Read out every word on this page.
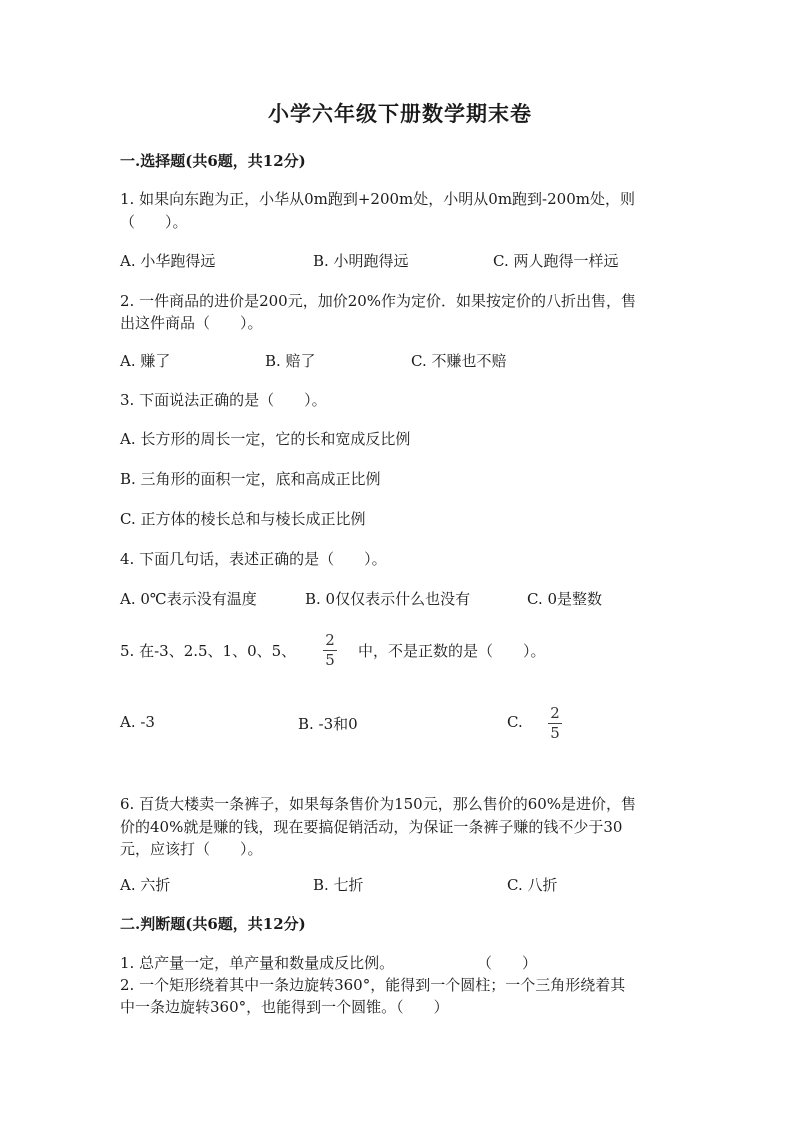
小学六年级下册数学期末卷
一.选择题(共6题，共12分)
1. 如果向东跑为正，小华从0m跑到+200m处，小明从0m跑到-200m处，则
（　　）。
A. 小华跑得远	B. 小明跑得远	C. 两人跑得一样远
2. 一件商品的进价是200元，加价20%作为定价．如果按定价的八折出售，售
出这件商品（　　）。
A. 赚了	B. 赔了	C. 不赚也不赔
3. 下面说法正确的是（　　）。
A. 长方形的周长一定，它的长和宽成反比例
B. 三角形的面积一定，底和高成正比例
C. 正方体的棱长总和与棱长成正比例
4. 下面几句话，表述正确的是（　　）。
A. 0℃表示没有温度	B. 0仅仅表示什么也没有	C. 0是整数
5. 在-3、2.5、1、0、5、
2
5 中，不是正数的是（　　）。
A. -3	B. -3和0	C. 2
5
6. 百货大楼卖一条裤子，如果每条售价为150元，那么售价的60%是进价，售
价的40%就是赚的钱，现在要搞促销活动，为保证一条裤子赚的钱不少于30
元，应该打（　　）。
A. 六折	B. 七折	C. 八折
二.判断题(共6题，共12分)
1. 总产量一定，单产量和数量成反比例。	（　　）
2. 一个矩形绕着其中一条边旋转360°，能得到一个圆柱；一个三角形绕着其
中一条边旋转360°，也能得到一个圆锥。（　　）
